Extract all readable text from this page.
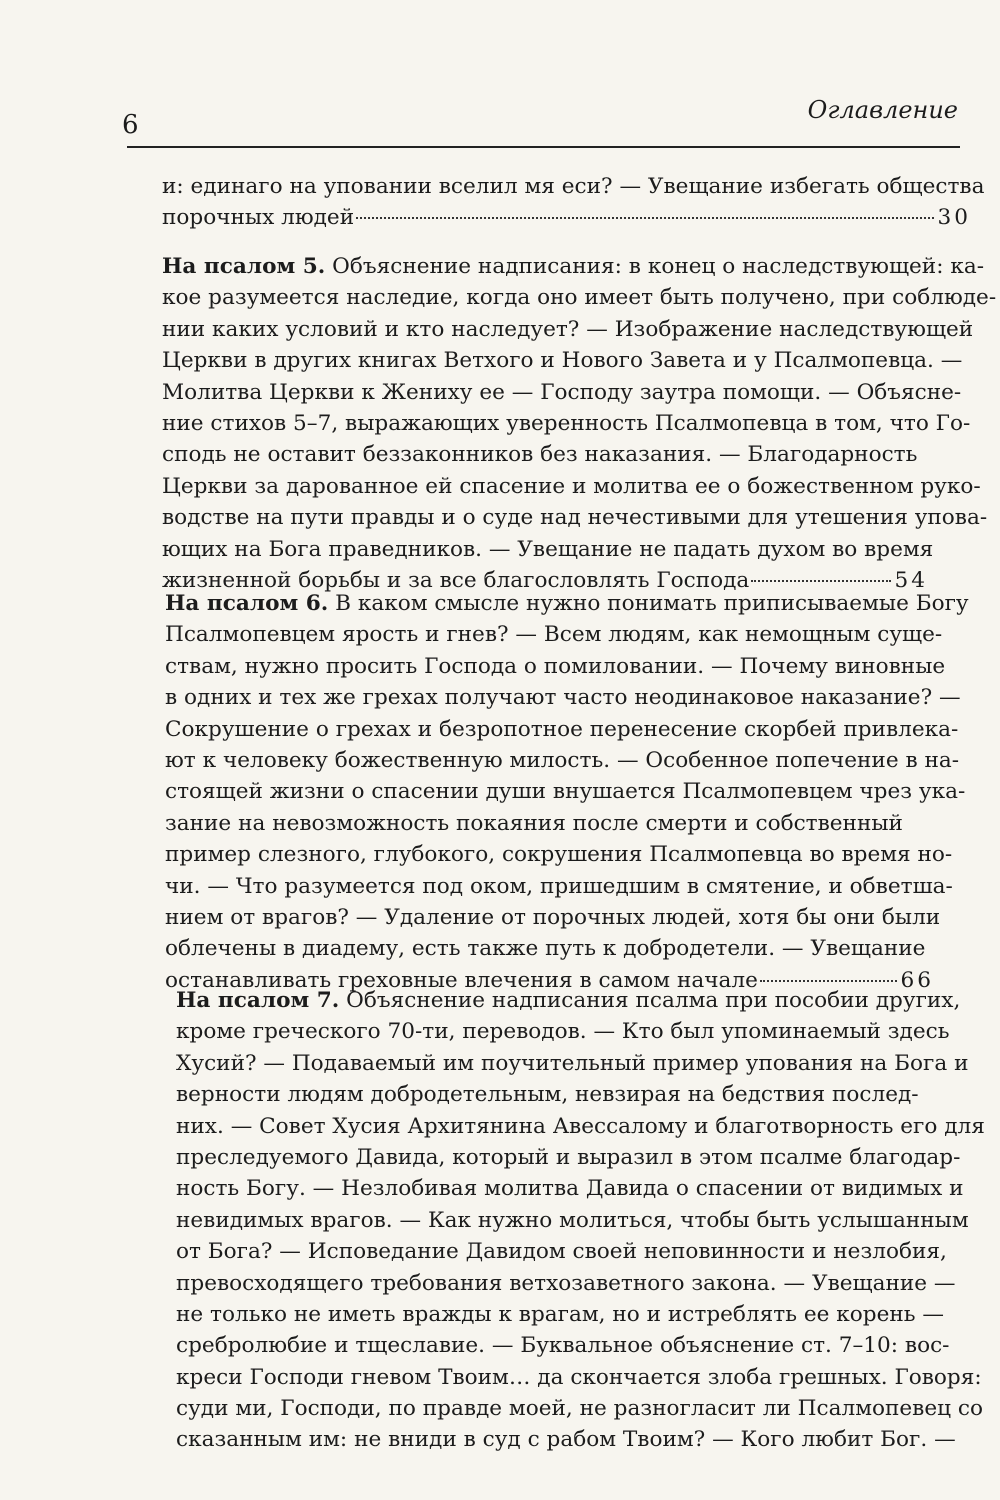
6	Оглавление
и: единаго на уповании вселил мя еси? — Увещание избегать общества
порочных людей	30
На псалом 5. Объяснение надписания: в конец о наследствующей: ка-
кое разумеется наследие, когда оно имеет быть получено, при соблюде-
нии каких условий и кто наследует? — Изображение наследствующей
Церкви в других книгах Ветхого и Нового Завета и у Псалмопевца. —
Молитва Церкви к Жениху ее — Господу заутра помощи. — Объясне-
ние стихов 5–7, выражающих уверенность Псалмопевца в том, что Го-
сподь не оставит беззаконников без наказания. — Благодарность
Церкви за дарованное ей спасение и молитва ее о божественном руко-
водстве на пути правды и о суде над нечестивыми для утешения упова-
ющих на Бога праведников. — Увещание не падать духом во время
жизненной борьбы и за все благословлять Господа	54
На псалом 6. В каком смысле нужно понимать приписываемые Богу
Псалмопевцем ярость и гнев? — Всем людям, как немощным суще-
ствам, нужно просить Господа о помиловании. — Почему виновные
в одних и тех же грехах получают часто неодинаковое наказание? —
Сокрушение о грехах и безропотное перенесение скорбей привлека-
ют к человеку божественную милость. — Особенное попечение в на-
стоящей жизни о спасении души внушается Псалмопевцем чрез ука-
зание на невозможность покаяния после смерти и собственный
пример слезного, глубокого, сокрушения Псалмопевца во время но-
чи. — Что разумеется под оком, пришедшим в смятение, и обветша-
нием от врагов? — Удаление от порочных людей, хотя бы они были
облечены в диадему, есть также путь к добродетели. — Увещание
останавливать греховные влечения в самом начале	66
На псалом 7. Объяснение надписания псалма при пособии других,
кроме греческого 70-ти, переводов. — Кто был упоминаемый здесь
Хусий? — Подаваемый им поучительный пример упования на Бога и
верности людям добродетельным, невзирая на бедствия послед-
них. — Совет Хусия Архитянина Авессалому и благотворность его для
преследуемого Давида, который и выразил в этом псалме благодар-
ность Богу. — Незлобивая молитва Давида о спасении от видимых и
невидимых врагов. — Как нужно молиться, чтобы быть услышанным
от Бога? — Исповедание Давидом своей неповинности и незлобия,
превосходящего требования ветхозаветного закона. — Увещание —
не только не иметь вражды к врагам, но и истреблять ее корень —
сребролюбие и тщеславие. — Буквальное объяснение ст. 7–10: вос-
креси Господи гневом Твоим… да скончается злоба грешных. Говоря:
суди ми, Господи, по правде моей, не разногласит ли Псалмопевец со
сказанным им: не вниди в суд с рабом Твоим? — Кого любит Бог. —
